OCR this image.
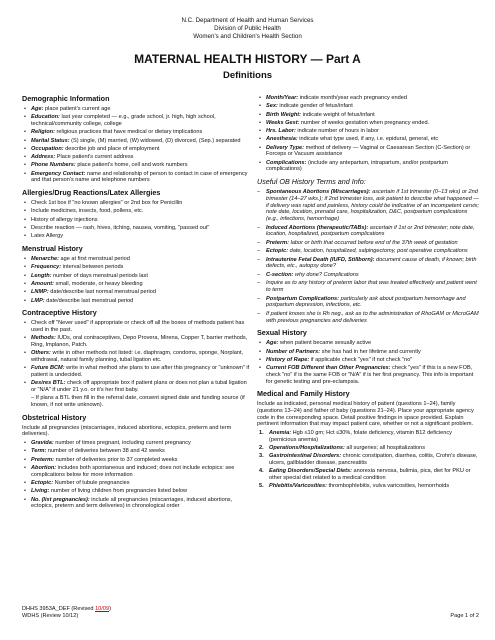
N.C. Department of Health and Human Services
Division of Public Health
Women's and Children's Health Section
MATERNAL HEALTH HISTORY — Part A
Definitions
Demographic Information
• Age: place patient's current age
• Education: last year completed — e.g., grade school, jr. high, high school, technical/community college, college
• Religion: religious practices that have medical or dietary implications
• Marital Status: (S) single, (M) married, (W) widowed, (D) divorced, (Sep.) separated
• Occupation: describe job and place of employment
• Address: Place patient's current address
• Phone Numbers: place patient's home, cell and work numbers
• Emergency Contact: name and relationship of person to contact in case of emergency and that person's name and telephone numbers
Allergies/Drug Reactions/Latex Allergies
• Check 1st box if "no known allergies" or 2nd box for Penicillin
• Include medicines, insects, food, pollens, etc.
• History of allergy injections
• Describe reaction — rash, hives, itching, nausea, vomiting, "passed out"
• Latex Allergy
Menstrual History
• Menarche: age at first menstrual period
• Frequency: interval between periods
• Length: number of days menstrual periods last
• Amount: small, moderate, or heavy bleeding
• LNMP: date/describe last normal menstrual period
• LMP: date/describe last menstrual period
Contraceptive History
• Check off "Never used" if appropriate or check off all the boxes of methods patient has used in the past.
• Methods: IUDs, oral contraceptives, Depo Provera, Mirena, Copper T, barrier methods, Ring, Implanon, Patch.
• Others: write in other methods not listed: i.e. diaphragm, condoms, sponge, Norplant, withdrawal, natural family planning, tubal ligation etc.
• Future BCM: write in what method she plans to use after this pregnancy or "unknown" if patient is undecided.
• Desires BTL: check off appropriate box if patient plans or does not plan a tubal ligation or "N/A" if under 21 y.o. or it's her first baby.

– If plans a BTL then fill in the referral date, consent signed date and funding source (if known, if not write unknown).

Obstetrical History

Include all pregnancies (miscarriages, induced abortions, ectopics, preterm and term deliveries).

• Gravida: number of times pregnant, including current pregnancy
• Term: number of deliveries between 38 and 42 weeks
• Preterm: number of deliveries prior to 37 completed weeks
• Abortion: includes both spontaneous and induced; does not include ectopics: see complications below for more information
• Ectopic: Number of tubule pregnancies
• Living: number of living children from pregnancies listed below
• No. (list pregnancies): include all pregnancies (miscarriages, induced abortions, ectopics, preterm and term deliveries) in chronological order
• Month/Year: indicate month/year each pregnancy ended
• Sex: indicate gender of fetus/infant
• Birth Weight: indicate weight of fetus/infant
• Weeks Gest: number of weeks gestation when pregnancy ended.
• Hrs. Labor: indicate number of hours in labor
• Anesthesia: indicate what type used, if any, i.e. epidural, general, etc
• Delivery Type: method of delivery — Vaginal or Caesarean Section (C-Section) or Forceps or Vacuum assistance
• Complications: (include any antepartum, intrapartum, and/or postpartum complications)
Useful OB History Terms and Info:
– Spontaneous Abortions (Miscarriages): ascertain if 1st trimester (0–13 wks) or 2nd trimester (14–27 wks.); if 2nd trimester loss, ask patient to describe what happened — if delivery was rapid and painless, history could be indicative of an incompetent cervix; note date, location, prenatal care, hospitalization, D&C, postpartum complications (e.g., infections, hemorrhage)
– Induced Abortions (therapeutic/TABs): ascertain if 1st or 2nd trimester; note date, location, hospitalized, postpartum complications
– Preterm: labor or birth that occurred before end of the 37th week of gestation
– Ectopic: date, location, hospitalized, salpingectomy, post operative complications
– Intrauterine Fetal Death (IUFD, Stillborn): document cause of death, if known; birth defects, etc., autopsy done?
– C-section: why done? Complications
– Inquire as to any history of preterm labor that was treated effectively and patient went to term
– Postpartum Complications: particularly ask about postpartum hemorrhage and postpartum depression, infections, etc.
– If patient knows she is Rh neg., ask as to the administration of RhoGAM or MicroGAM with previous pregnancies and deliveries
Sexual History
• Age: when patient became sexually active
• Number of Partners: she has had in her lifetime and currently
• History of Rape: if applicable check "yes" if not check "no"
• Current FOB Different than Other Pregnancies: check "yes" if this is a new FOB, check "no" if is the same FOB or "N/A" if is her first pregnancy. This info is important for genetic testing and pre-eclampsia.
Medical and Family History

Include as indicated, personal medical history of patient (questions 1–24), family (questions 13–24) and father of baby (questions 21–24). Place your appropriate agency code in the corresponding space. Detail positive findings in space provided. Explain pertinent information that may impact patient care, whether or not a significant problem.

1. Anemia: Hgb ≤10 gm; Hct ≤30%, folate deficiency, vitamin B12 deficiency (pernicious anemia)
2. Operations/Hospitalizations: all surgeries; all hospitalizations
3. Gastrointestinal Disorders: chronic constipation, diarrhea, colitis, Crohn's disease, ulcers, gallbladder disease, pancreatitis
4. Eating Disorders/Special Diets: anorexia nervosa, bulimia, pica, diet for PKU or other special diet related to a medical condition
5. Phlebitis/Varicosities: thrombophlebitis, vulva varicosities, hemorrhoids
DHHS 3953A_DEF (Revised 10/09)
WDHS (Review 10/12)	Page 1 of 2
